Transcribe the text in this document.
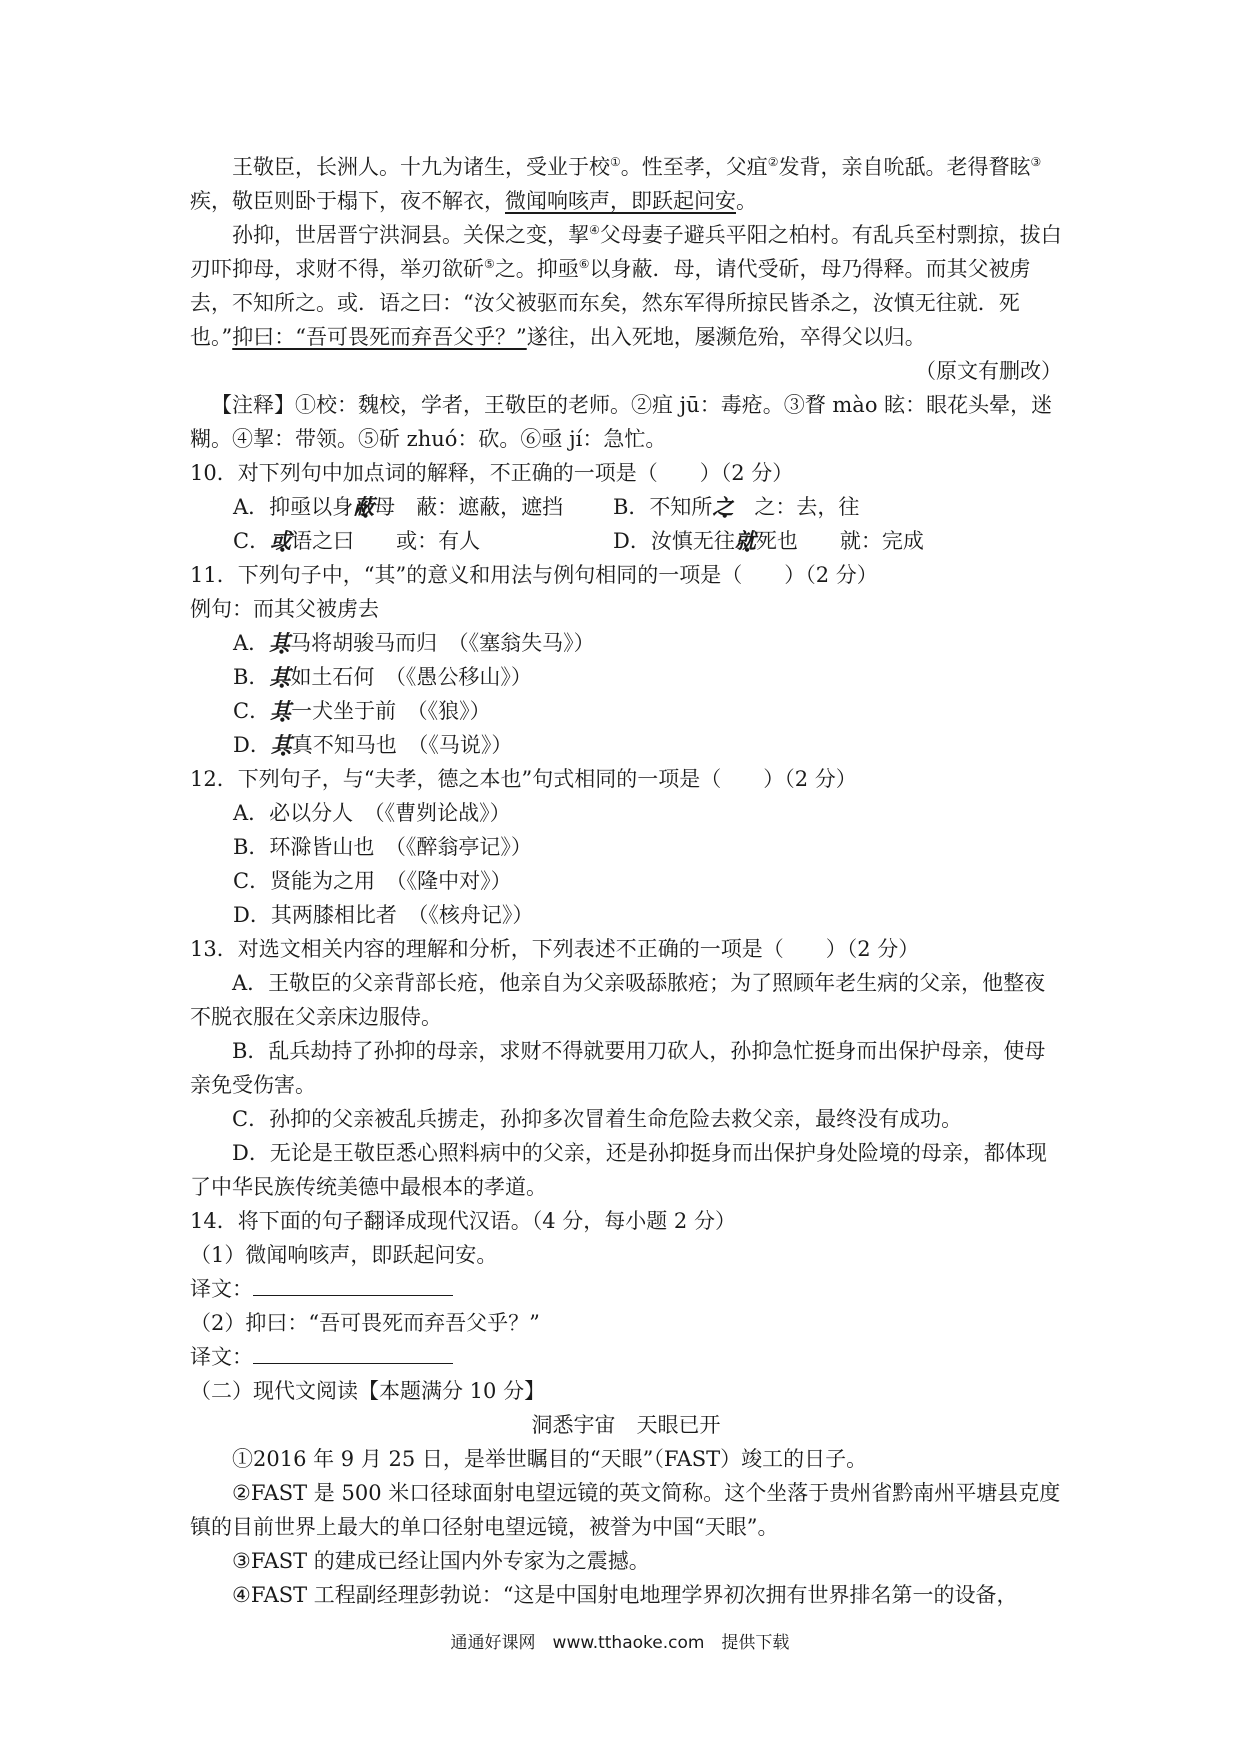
王敬臣，长洲人。十九为诸生，受业于校①。性至孝，父疽②发背，亲自吮舐。老得瞀眩③疾，敬臣则卧于榻下，夜不解衣，微闻响咳声，即跃起问安。

孙抑，世居晋宁洪洞县。关保之变，挈④父母妻子避兵平阳之柏村。有乱兵至村剽掠，拔白刃吓抑母，求财不得，举刃欲斫⑤之。抑亟⑥以身蔽．母，请代受斫，母乃得释。而其父被虏去，不知所之。或．语之曰：“汝父被驱而东矣，然东军得所掠民皆杀之，汝慎无往就．死也。”抑曰：“吾可畏死而弃吾父乎？”遂往，出入死地，屡濒危殆，卒得父以归。

（原文有删改）

【注释】①校：魏校，学者，王敬臣的老师。②疽 jū：毒疮。③瞀 mào 眩：眼花头晕，迷糊。④挈：带领。⑤斫 zhuó：砍。⑥亟 jí：急忙。

10．对下列句中加点词的解释，不正确的一项是（　　）（2 分）

A．抑亟以身蔽母　蔽：遮蔽，遮挡	B．不知所之　之：去，往
C．或语之曰　　或：有人	D．汝慎无往就死也　　就：完成

11．下列句子中，“其”的意义和用法与例句相同的一项是（　　）（2 分）

例句：而其父被虏去

A．其马将胡骏马而归　（《塞翁失马》）

B．其如土石何　（《愚公移山》）

C．其一犬坐于前　（《狼》）

D．其真不知马也　（《马说》）

12．下列句子，与“夫孝，德之本也”句式相同的一项是（　　）（2 分）

A．必以分人　（《曹刿论战》）

B．环滁皆山也　（《醉翁亭记》）

C．贤能为之用　（《隆中对》）

D．其两膝相比者　（《核舟记》）

13．对选文相关内容的理解和分析，下列表述不正确的一项是（　　）（2 分）

A．王敬臣的父亲背部长疮，他亲自为父亲吸舔脓疮；为了照顾年老生病的父亲，他整夜不脱衣服在父亲床边服侍。

B．乱兵劫持了孙抑的母亲，求财不得就要用刀砍人，孙抑急忙挺身而出保护母亲，使母亲免受伤害。

C．孙抑的父亲被乱兵掳走，孙抑多次冒着生命危险去救父亲，最终没有成功。

D．无论是王敬臣悉心照料病中的父亲，还是孙抑挺身而出保护身处险境的母亲，都体现了中华民族传统美德中最根本的孝道。

14．将下面的句子翻译成现代汉语。（4 分，每小题 2 分）

（1）微闻响咳声，即跃起问安。

译文：

（2）抑曰：“吾可畏死而弃吾父乎？”

译文：

（二）现代文阅读【本题满分 10 分】

洞悉宇宙　天眼已开

①2016 年 9 月 25 日，是举世瞩目的“天眼”（FAST）竣工的日子。

②FAST 是 500 米口径球面射电望远镜的英文简称。这个坐落于贵州省黔南州平塘县克度镇的目前世界上最大的单口径射电望远镜，被誉为中国“天眼”。

③FAST 的建成已经让国内外专家为之震撼。

④FAST 工程副经理彭勃说：“这是中国射电地理学界初次拥有世界排名第一的设备，

通通好课网　www.tthaoke.com　提供下载
